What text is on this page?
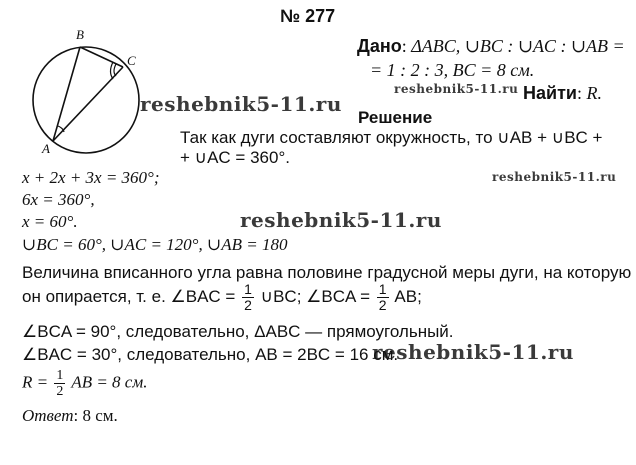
№ 277
B
C
A
Дано: ΔABC, ∪BC : ∪AC : ∪AB =
= 1 : 2 : 3, BC = 8 см.
Найти: R.
reshebnik5-11.ru
reshebnik5-11.ru
reshebnik5-11.ru
reshebnik5-11.ru
reshebnik5-11.ru
Решение
Так как дуги составляют окружность, то ∪AB + ∪BC +
+ ∪AC = 360°.
x + 2x + 3x = 360°;
6x = 360°,
x = 60°.
∪BC = 60°, ∪AC = 120°, ∪AB = 180
Величина вписанного угла равна половине градусной меры дуги, на которую
он опирается, т. е. ∠BAC = $\frac{1}{2}$ ∪BC; ∠BCA = $\frac{1}{2}$ AB;
∠BCA = 90°, следовательно, ΔABC — прямоугольный.
∠BAC = 30°, следовательно, AB = 2BC = 16 см.
$R = \frac{1}{2}$ AB = 8 см.
Ответ: 8 см.
